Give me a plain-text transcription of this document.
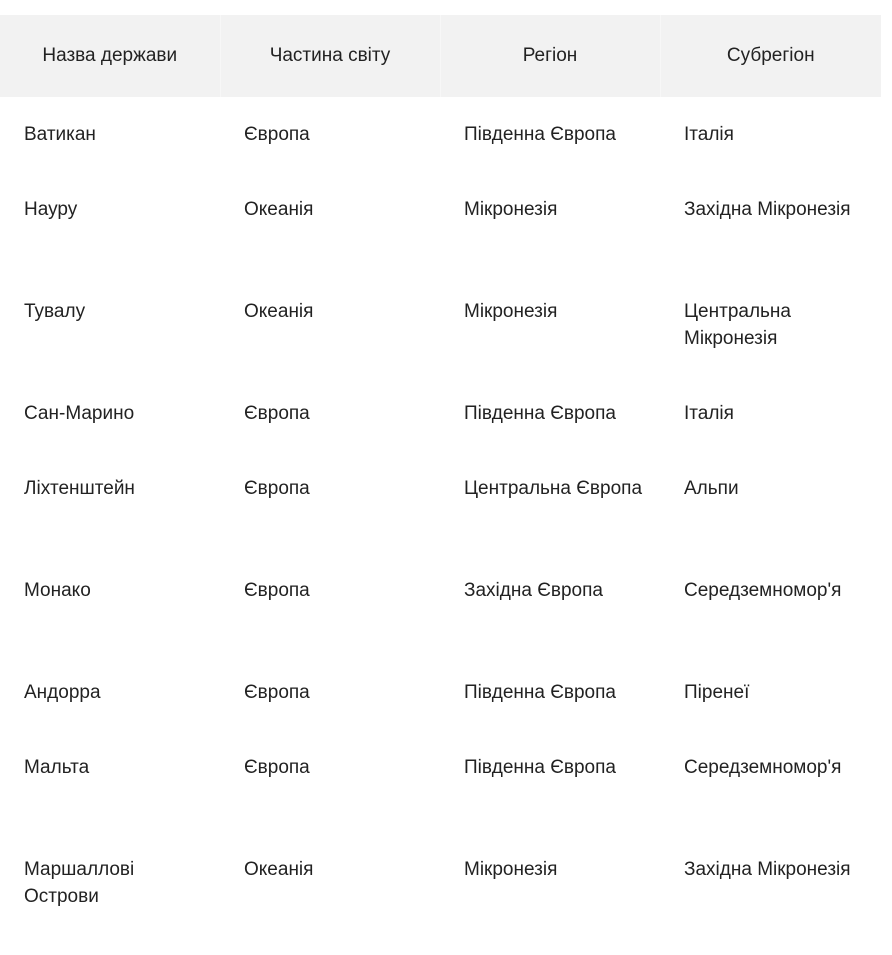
Назва держави	Частина світу	Регіон	Субрегіон
Ватикан	Європа	Південна Європа	Італія
Науру	Океанія	Мікронезія	Західна Мікронезія
Тувалу	Океанія	Мікронезія	Центральна Мікронезія
Сан-Марино	Європа	Південна Європа	Італія
Ліхтенштейн	Європа	Центральна Європа	Альпи
Монако	Європа	Західна Європа	Середземномор'я
Андорра	Європа	Південна Європа	Піренеї
Мальта	Європа	Південна Європа	Середземномор'я
Маршаллові Острови	Океанія	Мікронезія	Західна Мікронезія
